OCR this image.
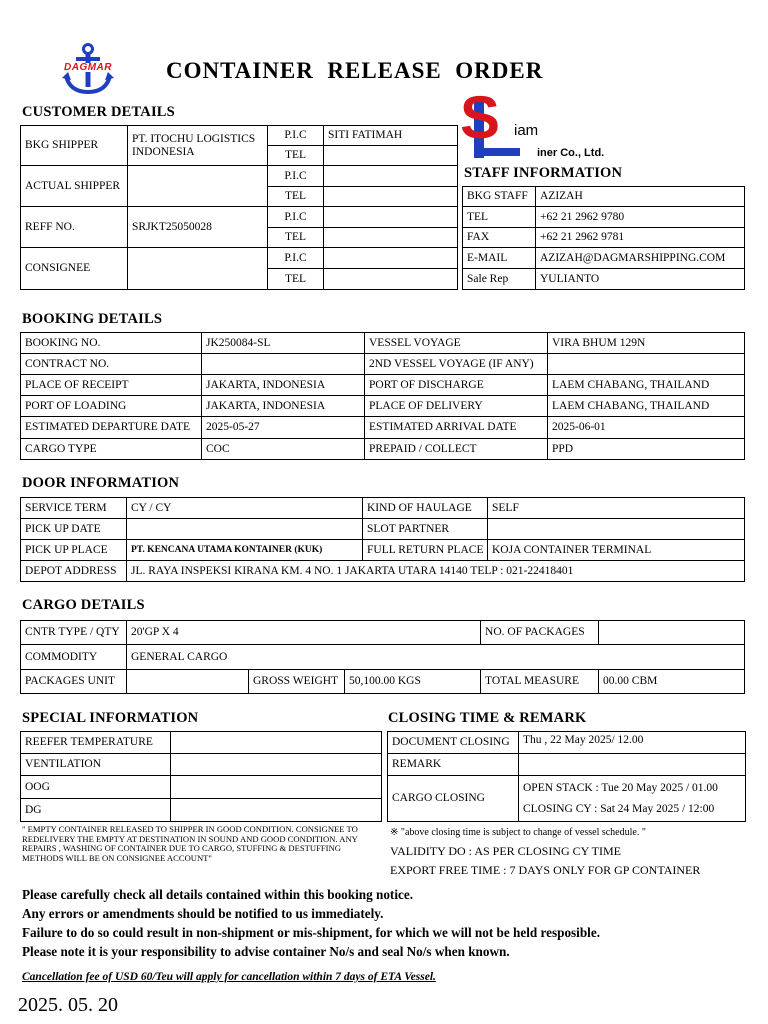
DAGMAR CONTAINER  RELEASE  ORDER
S iam
iner Co., Ltd.
CUSTOMER DETAILS
BKG SHIPPER	PT. ITOCHU LOGISTICS INDONESIA	P.I.C	SITI FATIMAH
		TEL	
ACTUAL SHIPPER		P.I.C	
		TEL	
REFF NO.	SRJKT25050028	P.I.C	
		TEL	
CONSIGNEE		P.I.C	
		TEL	
STAFF INFORMATION
BKG STAFF	AZIZAH
TEL	+62 21 2962 9780
FAX	+62 21 2962 9781
E-MAIL	AZIZAH@DAGMARSHIPPING.COM
Sale Rep	YULIANTO
BOOKING DETAILS
BOOKING NO.	JK250084-SL	VESSEL VOYAGE	VIRA BHUM 129N
CONTRACT NO.		2ND VESSEL VOYAGE (IF ANY)	
PLACE OF RECEIPT	JAKARTA, INDONESIA	PORT OF DISCHARGE	LAEM CHABANG, THAILAND
PORT OF LOADING	JAKARTA, INDONESIA	PLACE OF DELIVERY	LAEM CHABANG, THAILAND
ESTIMATED DEPARTURE DATE	2025-05-27	ESTIMATED ARRIVAL DATE	2025-06-01
CARGO TYPE	COC	PREPAID / COLLECT	PPD
DOOR INFORMATION
SERVICE TERM	CY / CY	KIND OF HAULAGE	SELF
PICK UP DATE		SLOT PARTNER	
PICK UP PLACE	PT. KENCANA UTAMA KONTAINER (KUK)	FULL RETURN PLACE	KOJA CONTAINER TERMINAL
DEPOT ADDRESS	JL. RAYA INSPEKSI KIRANA KM. 4 NO. 1 JAKARTA UTARA 14140 TELP : 021-22418401		
CARGO DETAILS
CNTR TYPE / QTY	20'GP X 4			NO. OF PACKAGES	
COMMODITY	GENERAL CARGO				
PACKAGES UNIT		GROSS WEIGHT	50,100.00 KGS	TOTAL MEASURE	00.00 CBM
SPECIAL INFORMATION
REEFER TEMPERATURE	
VENTILATION	
OOG	
DG	
" EMPTY CONTAINER RELEASED TO SHIPPER IN GOOD CONDITION. CONSIGNEE TO REDELIVERY THE EMPTY AT DESTINATION IN SOUND AND GOOD CONDITION. ANY REPAIRS , WASHING OF CONTAINER DUE TO CARGO, STUFFING & DESTUFFING METHODS WILL BE ON CONSIGNEE ACCOUNT"
CLOSING TIME & REMARK
DOCUMENT CLOSING	Thu , 22 May 2025/ 12.00
REMARK	
CARGO CLOSING	OPEN STACK : Tue 20 May 2025 / 01.00
CLOSING CY : Sat 24 May 2025 / 12:00
※ "above closing time is subject to change of vessel schedule. "
VALIDITY DO : AS PER CLOSING CY TIME
EXPORT FREE TIME : 7 DAYS ONLY FOR GP CONTAINER
Please carefully check all details contained within this booking notice.
Any errors or amendments should be notified to us immediately.
Failure to do so could result in non-shipment or mis-shipment, for which we will not be held resposible.
Please note it is your responsibility to advise container No/s and seal No/s when known.
Cancellation fee of USD 60/Teu will apply for cancellation within 7 days of ETA Vessel.
2025. 05. 20
